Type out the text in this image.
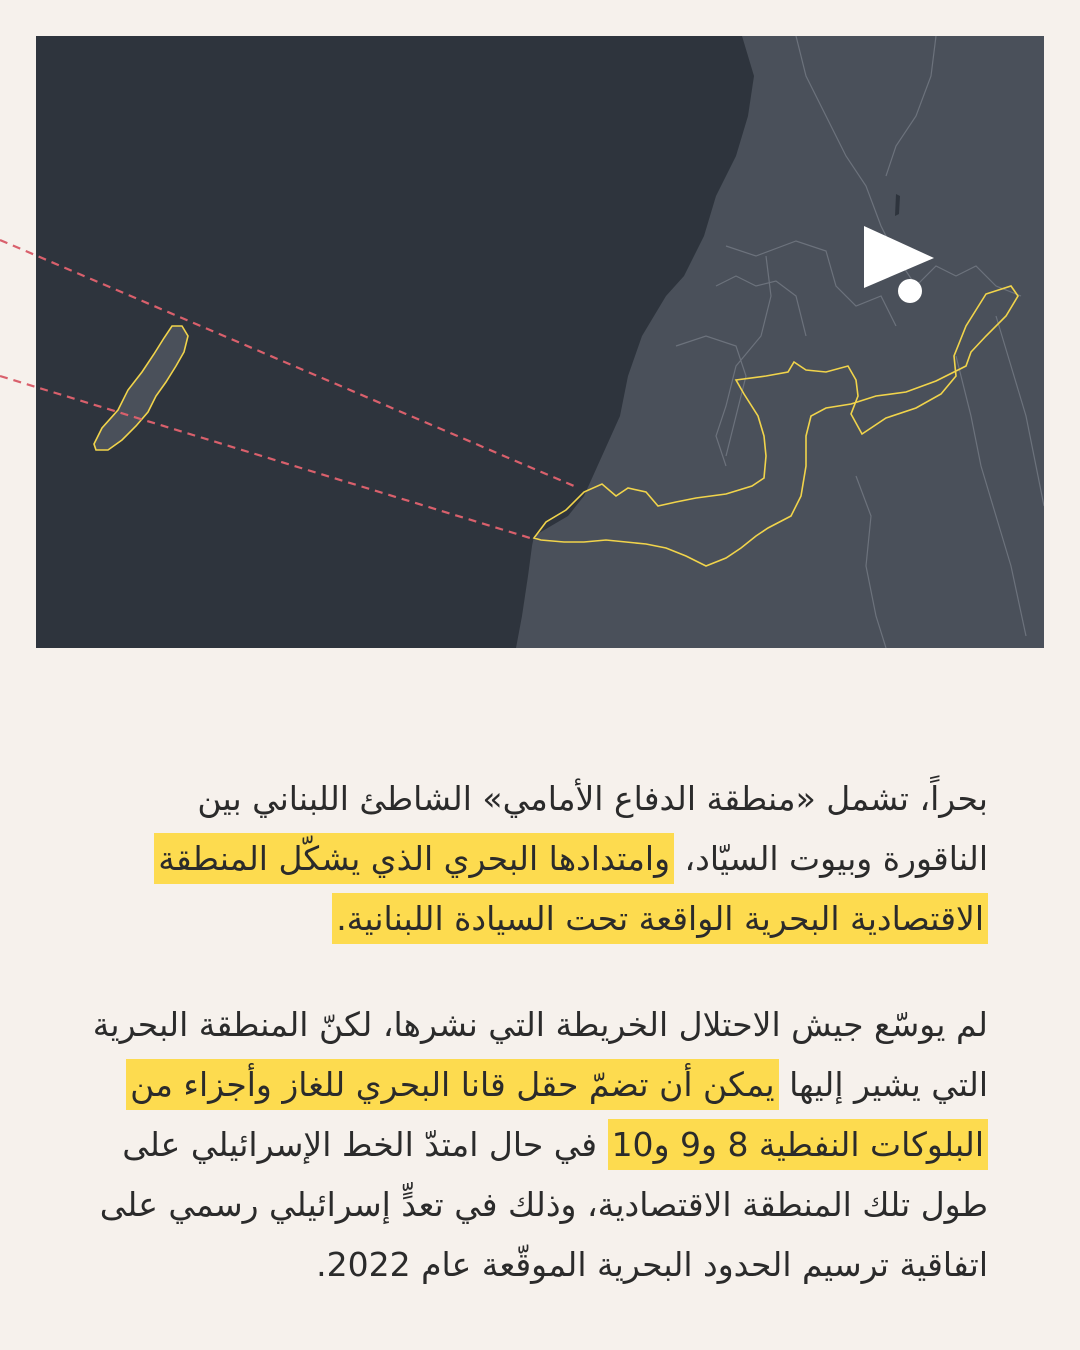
بحراً، تشمل «منطقة الدفاع الأمامي» الشاطئ اللبناني بين الناقورة وبيوت السيّاد، وامتدادها البحري الذي يشكّل المنطقة الاقتصادية البحرية الواقعة تحت السيادة اللبنانية.

لم يوسّع جيش الاحتلال الخريطة التي نشرها، لكنّ المنطقة البحرية التي يشير إليها يمكن أن تضمّ حقل قانا البحري للغاز وأجزاء من البلوكات النفطية 8 و9 و10 في حال امتدّ الخط الإسرائيلي على طول تلك المنطقة الاقتصادية، وذلك في تعدٍّ إسرائيلي رسمي على اتفاقية ترسيم الحدود البحرية الموقّعة عام 2022.
